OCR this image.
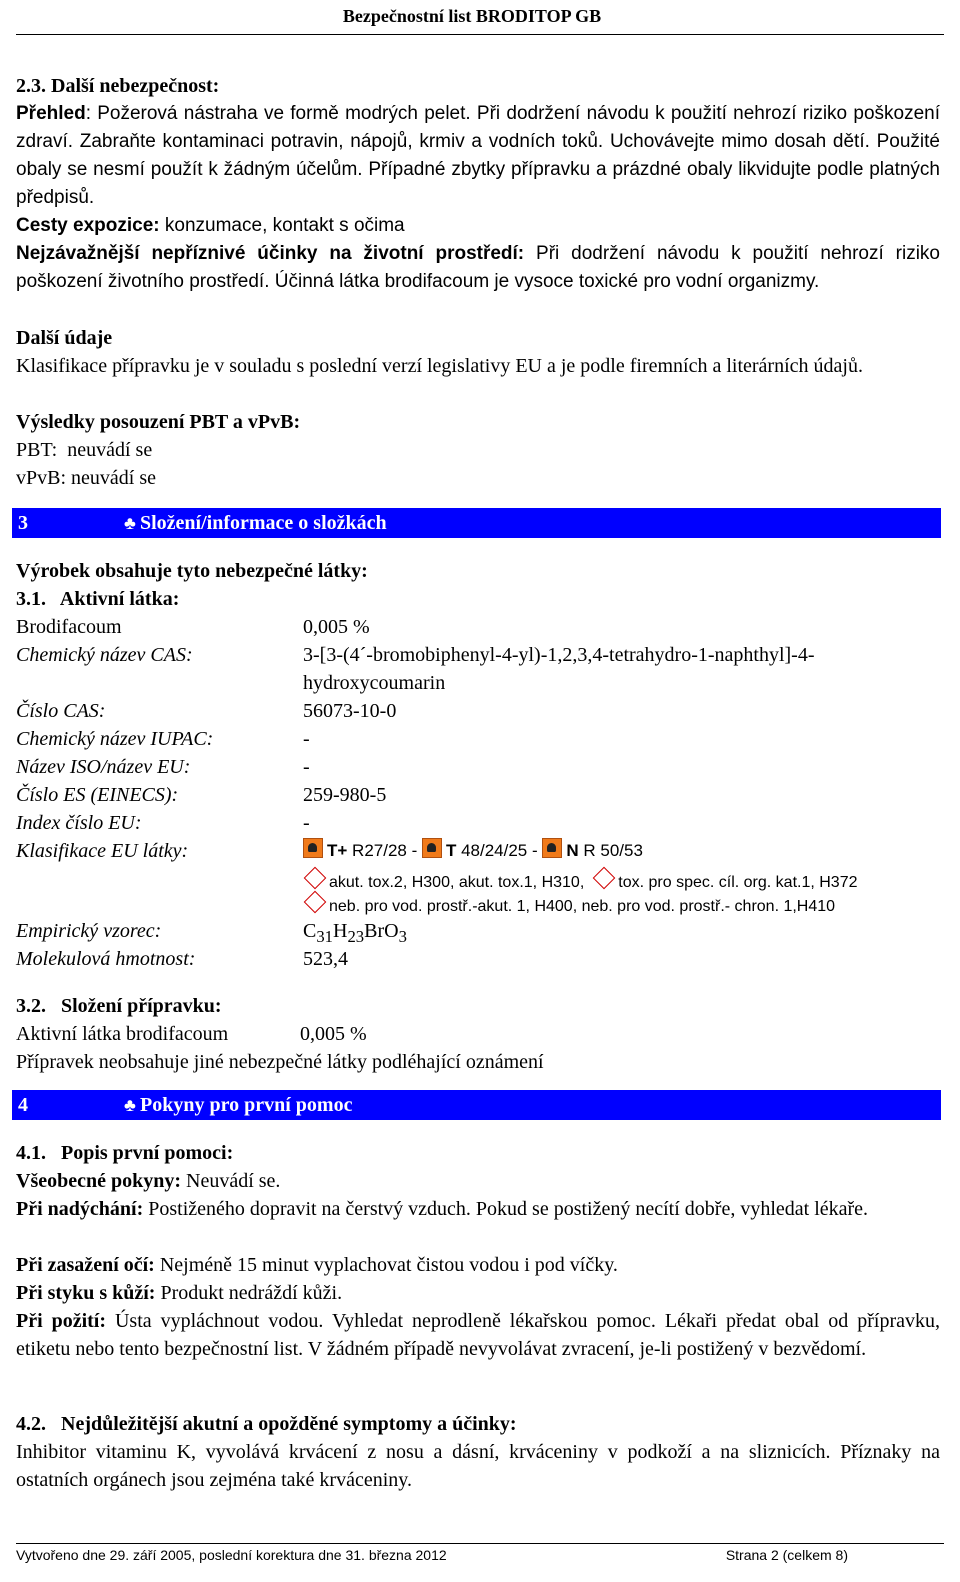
Bezpečnostní list BRODITOP GB
2.3. Další nebezpečnost:
Přehled: Požerová nástraha ve formě modrých pelet. Při dodržení návodu k použití nehrozí riziko poškození zdraví. Zabraňte kontaminaci potravin, nápojů, krmiv a vodních toků. Uchovávejte mimo dosah dětí. Použité obaly se nesmí použít k žádným účelům. Případné zbytky přípravku a prázdné obaly likvidujte podle platných předpisů.
Cesty expozice: konzumace, kontakt s očima
Nejzávažnější nepříznivé účinky na životní prostředí: Při dodržení návodu k použití nehrozí riziko poškození životního prostředí. Účinná látka brodifacoum je vysoce toxické pro vodní organizmy.
Další údaje
Klasifikace přípravku je v souladu s poslední verzí legislativy EU a je podle firemních a literárních údajů.
Výsledky posouzení PBT a vPvB:
PBT:  neuvádí se
vPvB: neuvádí se
3	♣ Složení/informace o složkách
Výrobek obsahuje tyto nebezpečné látky:
3.1.   Aktivní látka:
Brodifacoum	0,005 %
Chemický název CAS:	3-[3-(4´-bromobiphenyl-4-yl)-1,2,3,4-tetrahydro-1-naphthyl]-4-
hydroxycoumarin
Číslo CAS:	56073-10-0
Chemický název IUPAC:	-
Název ISO/název EU:	-
Číslo ES (EINECS):	259-980-5
Index číslo EU:	-
Klasifikace EU látky:	T+ R27/28 - T 48/24/25 - N R 50/53
akut. tox.2, H300, akut. tox.1, H310, tox. pro spec. cíl. org. kat.1, H372
neb. pro vod. prostř.-akut. 1, H400, neb. pro vod. prostř.- chron. 1,H410
Empirický vzorec:	$C_{31}H_{23}BrO_3$
Molekulová hmotnost:	523,4
3.2.   Složení přípravku:
Aktivní látka brodifacoum	0,005 %
Přípravek neobsahuje jiné nebezpečné látky podléhající oznámení
4	♣ Pokyny pro první pomoc
4.1.   Popis první pomoci:
Všeobecné pokyny: Neuvádí se.
Při nadýchání: Postiženého dopravit na čerstvý vzduch. Pokud se postižený necítí dobře, vyhledat lékaře.
Při zasažení očí: Nejméně 15 minut vyplachovat čistou vodou i pod víčky.
Při styku s kůží: Produkt nedráždí kůži.
Při požití: Ústa vypláchnout vodou. Vyhledat neprodleně lékařskou pomoc. Lékaři předat obal od přípravku, etiketu nebo tento bezpečnostní list. V žádném případě nevyvolávat zvracení, je-li postižený v bezvědomí.
4.2.   Nejdůležitější akutní a opožděné symptomy a účinky:
Inhibitor vitaminu K, vyvolává krvácení z nosu a dásní, krváceniny v podkoží a na sliznicích. Příznaky na ostatních orgánech jsou zejména také krváceniny.
Vytvořeno dne 29. září 2005, poslední korektura dne 31. března 2012	Strana 2 (celkem 8)
